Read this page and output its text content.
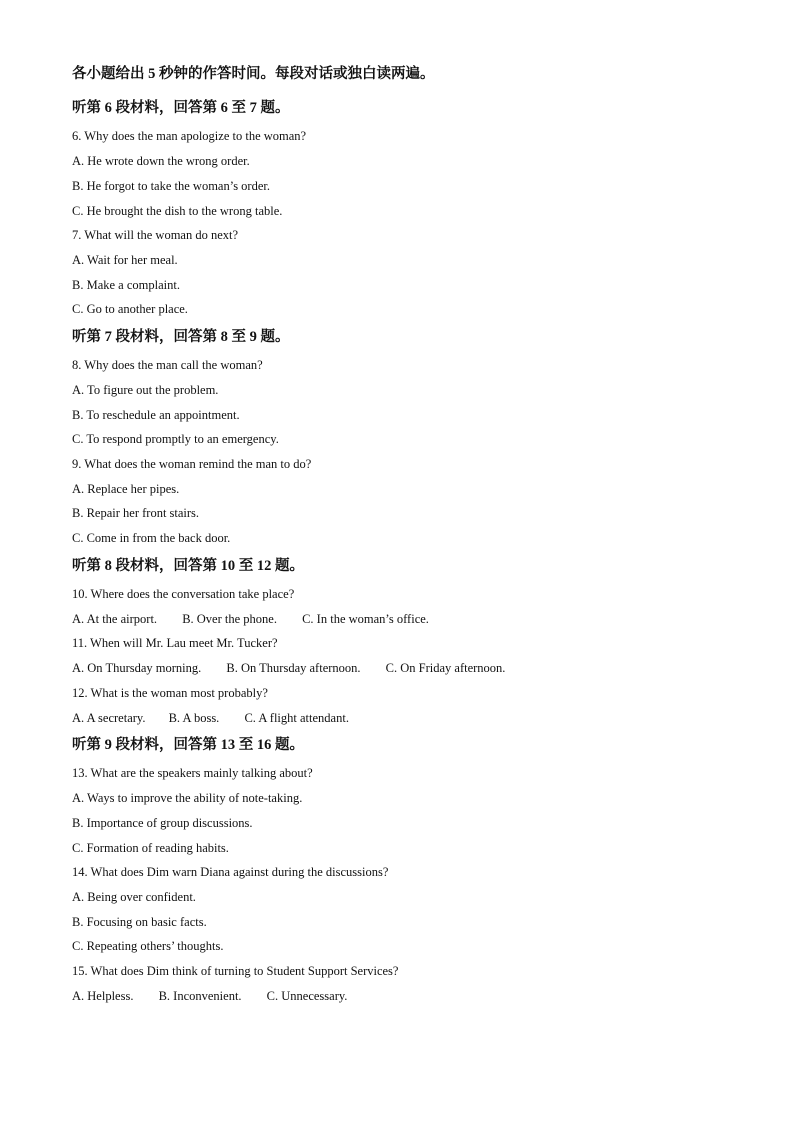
各小题给出 5 秒钟的作答时间。每段对话或独白读两遍。
听第 6 段材料，回答第 6 至 7 题。
6. Why does the man apologize to the woman?
A. He wrote down the wrong order.
B. He forgot to take the woman’s order.
C. He brought the dish to the wrong table.
7. What will the woman do next?
A. Wait for her meal.
B. Make a complaint.
C. Go to another place.
听第 7 段材料，回答第 8 至 9 题。
8. Why does the man call the woman?
A. To figure out the problem.
B. To reschedule an appointment.
C. To respond promptly to an emergency.
9. What does the woman remind the man to do?
A. Replace her pipes.
B. Repair her front stairs.
C. Come in from the back door.
听第 8 段材料，回答第 10 至 12 题。
10. Where does the conversation take place?
A. At the airport. B. Over the phone. C. In the woman’s office.
11. When will Mr. Lau meet Mr. Tucker?
A. On Thursday morning. B. On Thursday afternoon. C. On Friday afternoon.
12. What is the woman most probably?
A. A secretary. B. A boss. C. A flight attendant.
听第 9 段材料，回答第 13 至 16 题。
13. What are the speakers mainly talking about?
A. Ways to improve the ability of note-taking.
B. Importance of group discussions.
C. Formation of reading habits.
14. What does Dim warn Diana against during the discussions?
A. Being over confident.
B. Focusing on basic facts.
C. Repeating others’ thoughts.
15. What does Dim think of turning to Student Support Services?
A. Helpless. B. Inconvenient. C. Unnecessary.
